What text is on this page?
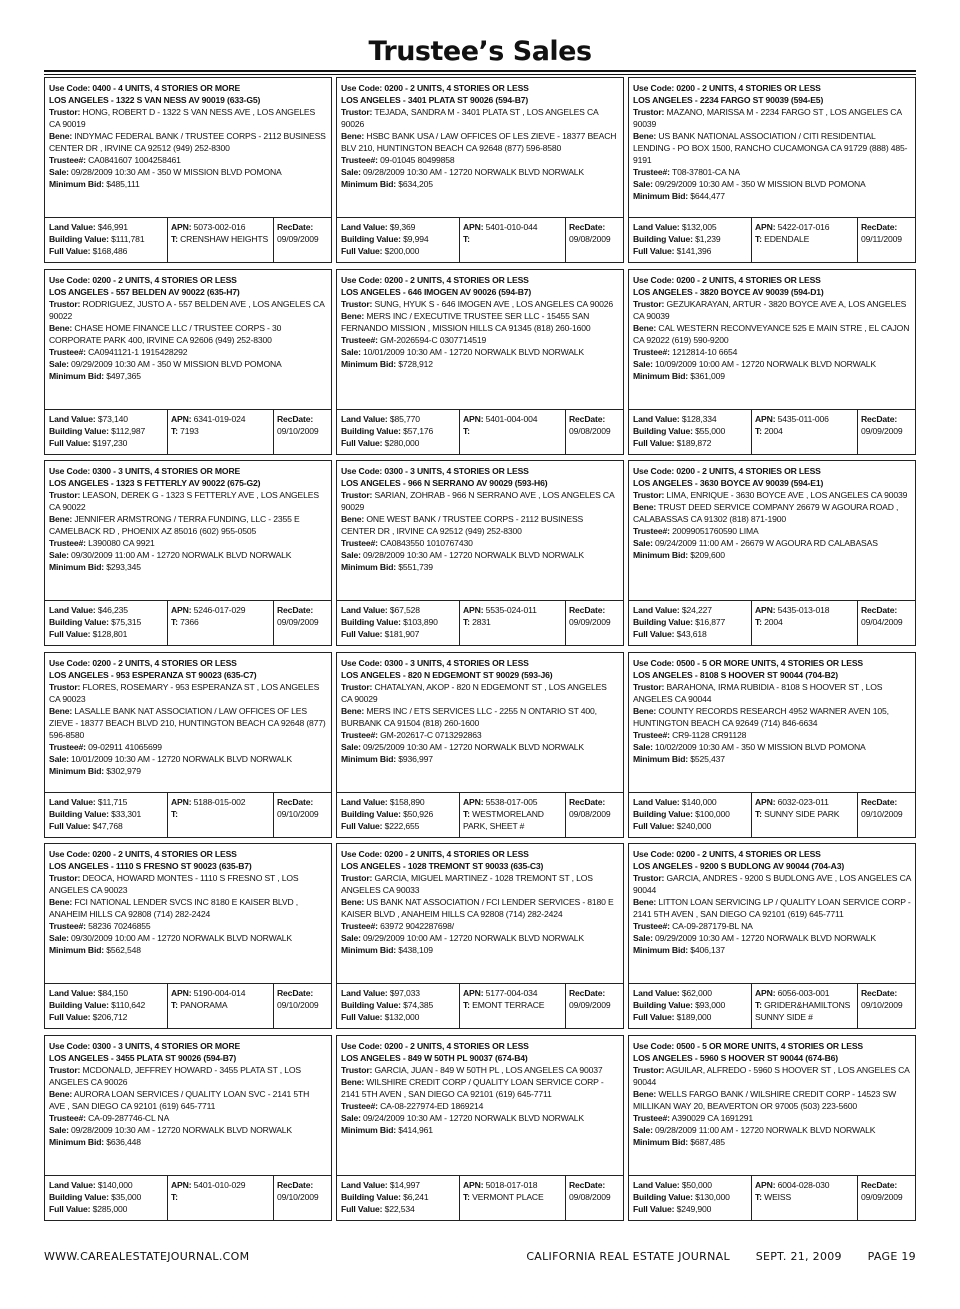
Trustee’s Sales
Use Code: 0400 - 4 UNITS, 4 STORIES OR MORE
LOS ANGELES - 1322 S VAN NESS AV 90019 (633-G5)
Trustor: HONG, ROBERT D - 1322 S VAN NESS AVE , LOS ANGELES CA 90019
Bene: INDYMAC FEDERAL BANK / TRUSTEE CORPS - 2112 BUSINESS CENTER DR , IRVINE CA 92512 (949) 252-8300
Trustee#: CA0841607 1004258461
Sale: 09/28/2009 10:30 AM - 350 W MISSION BLVD POMONA
Minimum Bid: $485,111
Land Value: $46,991
Building Value: $111,781
Full Value: $168,486
APN: 5073-002-016
T: CRENSHAW HEIGHTS
RecDate:
09/09/2009
Use Code: 0200 - 2 UNITS, 4 STORIES OR LESS
LOS ANGELES - 3401 PLATA ST 90026 (594-B7)
Trustor: TEJADA, SANDRA M - 3401 PLATA ST , LOS ANGELES CA 90026
Bene: HSBC BANK USA / LAW OFFICES OF LES ZIEVE - 18377 BEACH BLV 210, HUNTINGTON BEACH CA 92648 (877) 596-8580
Trustee#: 09-01045 80499858
Sale: 09/28/2009 10:30 AM - 12720 NORWALK BLVD NORWALK
Minimum Bid: $634,205
Land Value: $9,369
Building Value: $9,994
Full Value: $200,000
APN: 5401-010-044
T:
RecDate:
09/08/2009
Use Code: 0200 - 2 UNITS, 4 STORIES OR LESS
LOS ANGELES - 2234 FARGO ST 90039 (594-E5)
Trustor: MAZANO, MARISSA M - 2234 FARGO ST , LOS ANGELES CA 90039
Bene: US BANK NATIONAL ASSOCIATION / CITI RESIDENTIAL LENDING - PO BOX 1500, RANCHO CUCAMONGA CA 91729 (888) 485-9191
Trustee#: T08-37801-CA NA
Sale: 09/29/2009 10:30 AM - 350 W MISSION BLVD POMONA
Minimum Bid: $644,477
Land Value: $132,005
Building Value: $1,239
Full Value: $141,396
APN: 5422-017-016
T: EDENDALE
RecDate:
09/11/2009
Use Code: 0200 - 2 UNITS, 4 STORIES OR LESS
LOS ANGELES - 557 BELDEN AV 90022 (635-H7)
Trustor: RODRIGUEZ, JUSTO A - 557 BELDEN AVE , LOS ANGELES CA 90022
Bene: CHASE HOME FINANCE LLC / TRUSTEE CORPS - 30 CORPORATE PARK 400, IRVINE CA 92606 (949) 252-8300
Trustee#: CA0941121-1 1915428292
Sale: 09/29/2009 10:30 AM - 350 W MISSION BLVD POMONA
Minimum Bid: $497,365
Land Value: $73,140
Building Value: $112,987
Full Value: $197,230
APN: 6341-019-024
T: 7193
RecDate:
09/10/2009
Use Code: 0200 - 2 UNITS, 4 STORIES OR LESS
LOS ANGELES - 646 IMOGEN AV 90026 (594-B7)
Trustor: SUNG, HYUK S - 646 IMOGEN AVE , LOS ANGELES CA 90026
Bene: MERS INC / EXECUTIVE TRUSTEE SER LLC - 15455 SAN FERNANDO MISSION , MISSION HILLS CA 91345 (818) 260-1600
Trustee#: GM-2026594-C 0307714519
Sale: 10/01/2009 10:30 AM - 12720 NORWALK BLVD NORWALK
Minimum Bid: $728,912
Land Value: $85,770
Building Value: $57,176
Full Value: $280,000
APN: 5401-004-004
T:
RecDate:
09/08/2009
Use Code: 0200 - 2 UNITS, 4 STORIES OR LESS
LOS ANGELES - 3820 BOYCE AV 90039 (594-D1)
Trustor: GEZUKARAYAN, ARTUR - 3820 BOYCE AVE A, LOS ANGELES CA 90039
Bene: CAL WESTERN RECONVEYANCE 525 E MAIN STRE , EL CAJON CA 92022 (619) 590-9200
Trustee#: 1212814-10 6654
Sale: 10/09/2009 10:00 AM - 12720 NORWALK BLVD NORWALK
Minimum Bid: $361,009
Land Value: $128,334
Building Value: $55,000
Full Value: $189,872
APN: 5435-011-006
T: 2004
RecDate:
09/09/2009
Use Code: 0300 - 3 UNITS, 4 STORIES OR MORE
LOS ANGELES - 1323 S FETTERLY AV 90022 (675-G2)
Trustor: LEASON, DEREK G - 1323 S FETTERLY AVE , LOS ANGELES CA 90022
Bene: JENNIFER ARMSTRONG / TERRA FUNDING, LLC - 2355 E CAMELBACK RD , PHOENIX AZ 85016 (602) 955-0505
Trustee#: L390080 CA 9921
Sale: 09/30/2009 11:00 AM - 12720 NORWALK BLVD NORWALK
Minimum Bid: $293,345
Land Value: $46,235
Building Value: $75,315
Full Value: $128,801
APN: 5246-017-029
T: 7366
RecDate:
09/09/2009
Use Code: 0300 - 3 UNITS, 4 STORIES OR LESS
LOS ANGELES - 966 N SERRANO AV 90029 (593-H6)
Trustor: SARIAN, ZOHRAB - 966 N SERRANO AVE , LOS ANGELES CA 90029
Bene: ONE WEST BANK / TRUSTEE CORPS - 2112 BUSINESS CENTER DR , IRVINE CA 92512 (949) 252-8300
Trustee#: CA0843550 1010767430
Sale: 09/28/2009 10:30 AM - 12720 NORWALK BLVD NORWALK
Minimum Bid: $551,739
Land Value: $67,528
Building Value: $103,890
Full Value: $181,907
APN: 5535-024-011
T: 2831
RecDate:
09/09/2009
Use Code: 0200 - 2 UNITS, 4 STORIES OR LESS
LOS ANGELES - 3630 BOYCE AV 90039 (594-E1)
Trustor: LIMA, ENRIQUE - 3630 BOYCE AVE , LOS ANGELES CA 90039
Bene: TRUST DEED SERVICE COMPANY 26679 W AGOURA ROAD , CALABASSAS CA 91302 (818) 871-1900
Trustee#: 20099051760590 LIMA
Sale: 09/24/2009 11:00 AM - 26679 W AGOURA RD CALABASAS
Minimum Bid: $209,600
Land Value: $24,227
Building Value: $16,877
Full Value: $43,618
APN: 5435-013-018
T: 2004
RecDate:
09/04/2009
Use Code: 0200 - 2 UNITS, 4 STORIES OR LESS
LOS ANGELES - 953 ESPERANZA ST 90023 (635-C7)
Trustor: FLORES, ROSEMARY - 953 ESPERANZA ST , LOS ANGELES CA 90023
Bene: LASALLE BANK NAT ASSOCIATION / LAW OFFICES OF LES ZIEVE - 18377 BEACH BLVD 210, HUNTINGTON BEACH CA 92648 (877) 596-8580
Trustee#: 09-02911 41065699
Sale: 10/01/2009 10:30 AM - 12720 NORWALK BLVD NORWALK
Minimum Bid: $302,979
Land Value: $11,715
Building Value: $33,301
Full Value: $47,768
APN: 5188-015-002
T:
RecDate:
09/10/2009
Use Code: 0300 - 3 UNITS, 4 STORIES OR LESS
LOS ANGELES - 820 N EDGEMONT ST 90029 (593-J6)
Trustor: CHATALYAN, AKOP - 820 N EDGEMONT ST , LOS ANGELES CA 90029
Bene: MERS INC / ETS SERVICES LLC - 2255 N ONTARIO ST 400, BURBANK CA 91504 (818) 260-1600
Trustee#: GM-202617-C 0713292863
Sale: 09/25/2009 10:30 AM - 12720 NORWALK BLVD NORWALK
Minimum Bid: $936,997
Land Value: $158,890
Building Value: $50,926
Full Value: $222,655
APN: 5538-017-005
T: WESTMORELAND PARK, SHEET #
RecDate:
09/08/2009
Use Code: 0500 - 5 OR MORE UNITS, 4 STORIES OR LESS
LOS ANGELES - 8108 S HOOVER ST 90044 (704-B2)
Trustor: BARAHONA, IRMA RUBIDIA - 8108 S HOOVER ST , LOS ANGELES CA 90044
Bene: COUNTY RECORDS RESEARCH 4952 WARNER AVEN 105, HUNTINGTON BEACH CA 92649 (714) 846-6634
Trustee#: CR9-1128 CR91128
Sale: 10/02/2009 10:30 AM - 350 W MISSION BLVD POMONA
Minimum Bid: $525,437
Land Value: $140,000
Building Value: $100,000
Full Value: $240,000
APN: 6032-023-011
T: SUNNY SIDE PARK
RecDate:
09/10/2009
Use Code: 0200 - 2 UNITS, 4 STORIES OR LESS
LOS ANGELES - 1110 S FRESNO ST 90023 (635-B7)
Trustor: DEOCA, HOWARD MONTES - 1110 S FRESNO ST , LOS ANGELES CA 90023
Bene: FCI NATIONAL LENDER SVCS INC 8180 E KAISER BLVD , ANAHEIM HILLS CA 92808 (714) 282-2424
Trustee#: 58236 70246855
Sale: 09/30/2009 10:00 AM - 12720 NORWALK BLVD NORWALK
Minimum Bid: $562,548
Land Value: $84,150
Building Value: $110,642
Full Value: $206,712
APN: 5190-004-014
T: PANORAMA
RecDate:
09/10/2009
Use Code: 0200 - 2 UNITS, 4 STORIES OR LESS
LOS ANGELES - 1028 TREMONT ST 90033 (635-C3)
Trustor: GARCIA, MIGUEL MARTINEZ - 1028 TREMONT ST , LOS ANGELES CA 90033
Bene: US BANK NAT ASSOCIATION / FCI LENDER SERVICES - 8180 E KAISER BLVD , ANAHEIM HILLS CA 92808 (714) 282-2424
Trustee#: 63972 9042287698/
Sale: 09/29/2009 10:00 AM - 12720 NORWALK BLVD NORWALK
Minimum Bid: $438,109
Land Value: $97,033
Building Value: $74,385
Full Value: $132,000
APN: 5177-004-034
T: EMONT TERRACE
RecDate:
09/09/2009
Use Code: 0200 - 2 UNITS, 4 STORIES OR LESS
LOS ANGELES - 9200 S BUDLONG AV 90044 (704-A3)
Trustor: GARCIA, ANDRES - 9200 S BUDLONG AVE , LOS ANGELES CA 90044
Bene: LITTON LOAN SERVICING LP / QUALITY LOAN SERVICE CORP - 2141 5TH AVEN , SAN DIEGO CA 92101 (619) 645-7711
Trustee#: CA-09-287179-BL NA
Sale: 09/29/2009 10:30 AM - 12720 NORWALK BLVD NORWALK
Minimum Bid: $406,137
Land Value: $62,000
Building Value: $93,000
Full Value: $189,000
APN: 6056-003-001
T: GRIDER&HAMILTONS SUNNY SIDE #
RecDate:
09/10/2009
Use Code: 0300 - 3 UNITS, 4 STORIES OR MORE
LOS ANGELES - 3455 PLATA ST 90026 (594-B7)
Trustor: MCDONALD, JEFFREY HOWARD - 3455 PLATA ST , LOS ANGELES CA 90026
Bene: AURORA LOAN SERVICES / QUALITY LOAN SVC - 2141 5TH AVE , SAN DIEGO CA 92101 (619) 645-7711
Trustee#: CA-09-287746-CL NA
Sale: 09/28/2009 10:30 AM - 12720 NORWALK BLVD NORWALK
Minimum Bid: $636,448
Land Value: $140,000
Building Value: $35,000
Full Value: $285,000
APN: 5401-010-029
T:
RecDate:
09/10/2009
Use Code: 0200 - 2 UNITS, 4 STORIES OR LESS
LOS ANGELES - 849 W 50TH PL 90037 (674-B4)
Trustor: GARCIA, JUAN - 849 W 50TH PL , LOS ANGELES CA 90037
Bene: WILSHIRE CREDIT CORP / QUALITY LOAN SERVICE CORP - 2141 5TH AVEN , SAN DIEGO CA 92101 (619) 645-7711
Trustee#: CA-08-227974-ED 1869214
Sale: 09/24/2009 10:30 AM - 12720 NORWALK BLVD NORWALK
Minimum Bid: $414,961
Land Value: $14,997
Building Value: $6,241
Full Value: $22,534
APN: 5018-017-018
T: VERMONT PLACE
RecDate:
09/08/2009
Use Code: 0500 - 5 OR MORE UNITS, 4 STORIES OR LESS
LOS ANGELES - 5960 S HOOVER ST 90044 (674-B6)
Trustor: AGUILAR, ALFREDO - 5960 S HOOVER ST , LOS ANGELES CA 90044
Bene: WELLS FARGO BANK / WILSHIRE CREDIT CORP - 14523 SW MILLIKAN WAY 20, BEAVERTON OR 97005 (503) 223-5600
Trustee#: A390029 CA 1691291
Sale: 09/28/2009 11:00 AM - 12720 NORWALK BLVD NORWALK
Minimum Bid: $687,485
Land Value: $50,000
Building Value: $130,000
Full Value: $249,900
APN: 6004-028-030
T: WEISS
RecDate:
09/09/2009
WWW.CAREALESTATEJOURNAL.COM	CALIFORNIA REAL ESTATE JOURNAL SEPT. 21, 2009 PAGE 19
